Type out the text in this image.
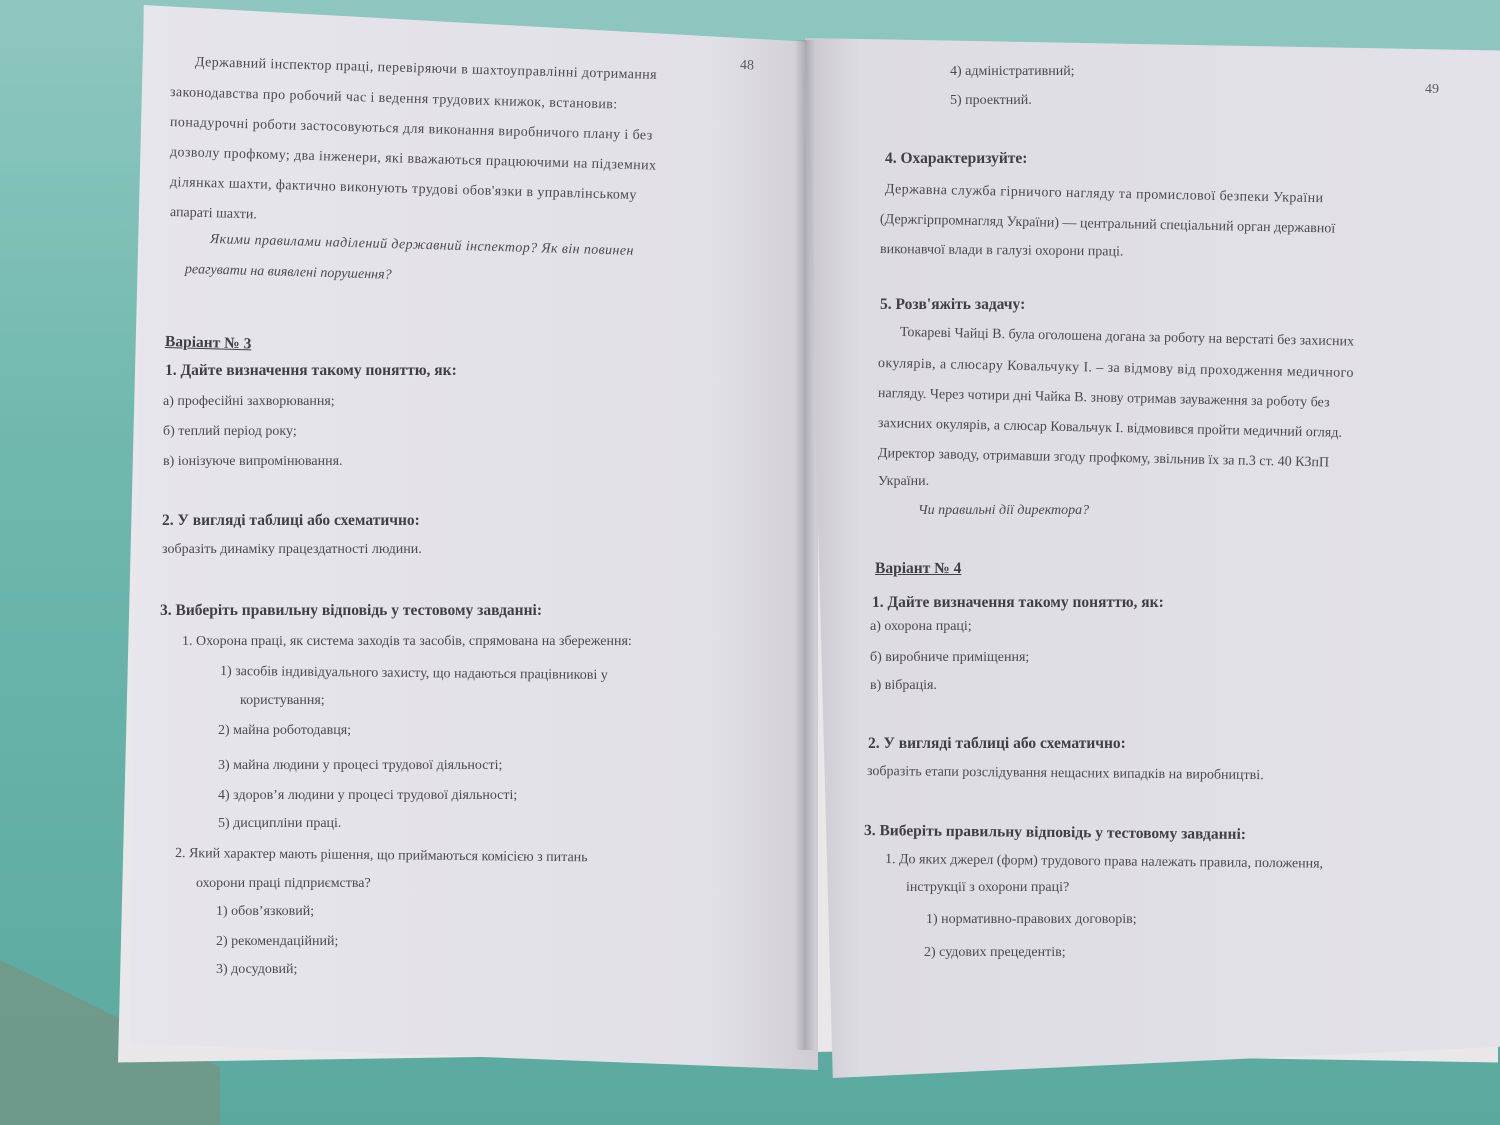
48
Державний інспектор праці, перевіряючи в шахтоуправлінні дотримання
законодавства про робочий час і ведення трудових книжок, встановив:
понадурочні роботи застосовуються для виконання виробничого плану і без
дозволу профкому; два інженери, які вважаються працюючими на підземних
ділянках шахти, фактично виконують трудові обов'язки в управлінському
апараті шахти.
Якими правилами наділений державний інспектор? Як він повинен
реагувати на виявлені порушення?
Варіант № 3
1. Дайте визначення такому поняттю, як:
а) професійні захворювання;
б) теплий період року;
в) іонізуюче випромінювання.
2. У вигляді таблиці або схематично:
зобразіть динаміку працездатності людини.
3. Виберіть правильну відповідь у тестовому завданні:
1. Охорона праці, як система заходів та засобів, спрямована на збереження:
1) засобів індивідуального захисту, що надаються працівникові у
користування;
2) майна роботодавця;
3) майна людини у процесі трудової діяльності;
4) здоров’я людини у процесі трудової діяльності;
5) дисципліни праці.
2. Який характер мають рішення, що приймаються комісією з питань
охорони праці підприємства?
1) обов’язковий;
2) рекомендаційний;
3) досудовий;
4) адміністративний;
5) проектний.
49
4. Охарактеризуйте:
Державна служба гірничого нагляду та промислової безпеки України
(Держгірпромнагляд України) — центральний спеціальний орган державної
виконавчої влади в галузі охорони праці.
5. Розв'яжіть задачу:
Токареві Чайці В. була оголошена догана за роботу на верстаті без захисних
окулярів, а слюсару Ковальчуку І. – за відмову від проходження медичного
нагляду. Через чотири дні Чайка В. знову отримав зауваження за роботу без
захисних окулярів, а слюсар Ковальчук І. відмовився пройти медичний огляд.
Директор заводу, отримавши згоду профкому, звільнив їх за п.3 ст. 40 КЗпП
України.
Чи правильні дії директора?
Варіант № 4
1. Дайте визначення такому поняттю, як:
а) охорона праці;
б) виробниче приміщення;
в) вібрація.
2. У вигляді таблиці або схематично:
зобразіть етапи розслідування нещасних випадків на виробництві.
3. Виберіть правильну відповідь у тестовому завданні:
1. До яких джерел (форм) трудового права належать правила, положення,
інструкції з охорони праці?
1) нормативно-правових договорів;
2) судових прецедентів;
